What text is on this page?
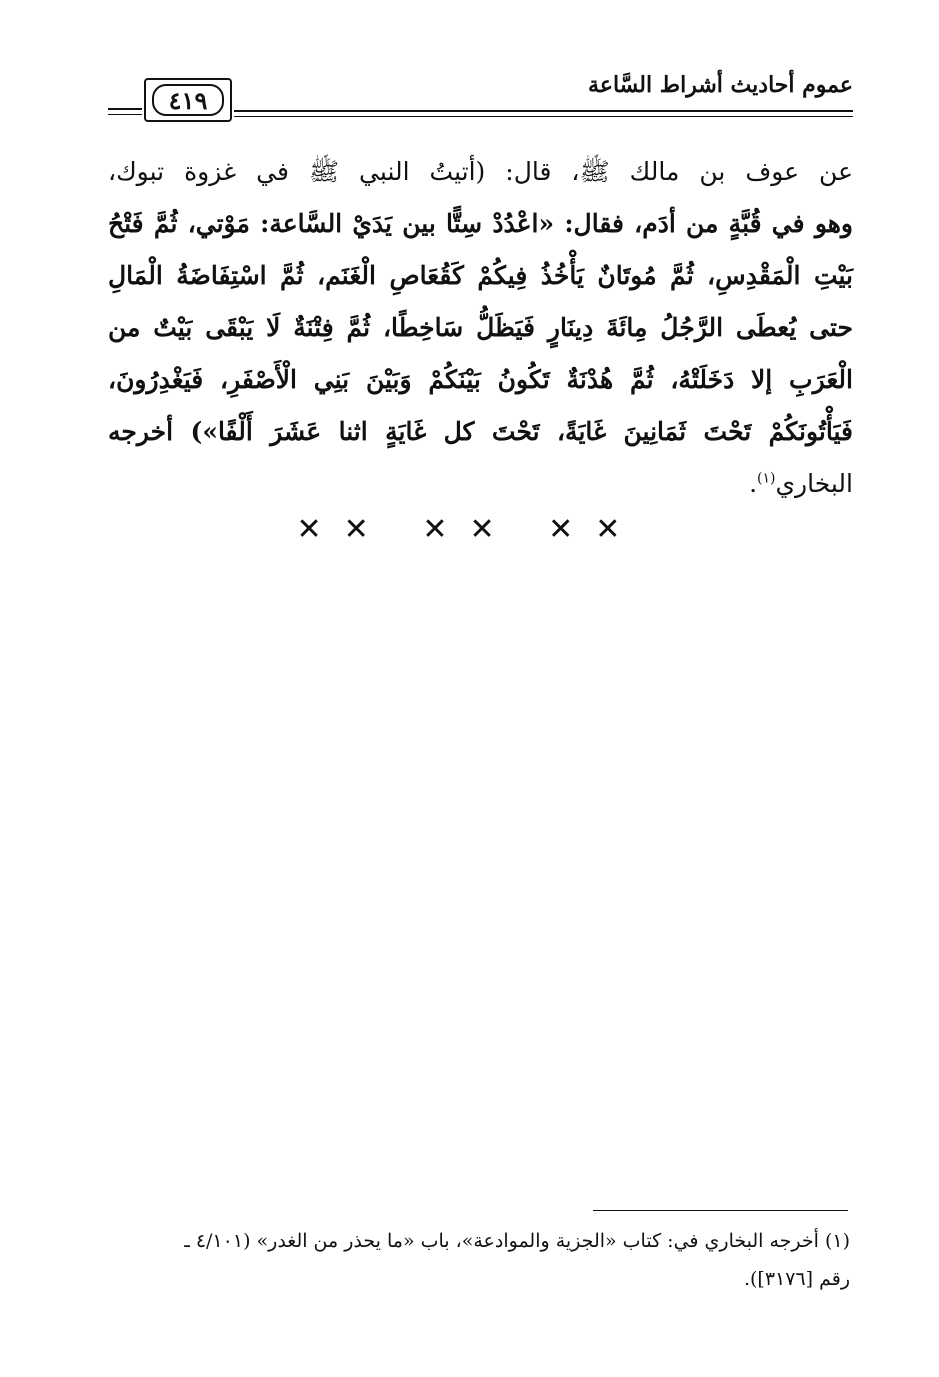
عموم أحاديث أشراط السَّاعة
٤١٩
عن عوف بن مالك ﷺ، قال: (أتيتُ النبي ﷺ في غزوة تبوك،
وهو في قُبَّةٍ من أدَم، فقال: «اعْدُدْ سِتًّا بين يَدَيْ السَّاعة: مَوْتي، ثُمَّ فَتْحُ
بَيْتِ الْمَقْدِسِ، ثُمَّ مُوتَانٌ يَأْخُذُ فِيكُمْ كَقُعَاصِ الْغَنَم، ثُمَّ اسْتِفَاضَةُ الْمَالِ
حتى يُعطَى الرَّجُلُ مِائَةَ دِينَارٍ فَيَظَلُّ سَاخِطًا، ثُمَّ فِتْنَةٌ لَا يَبْقَى بَيْتٌ من
الْعَرَبِ إلا دَخَلَتْهُ، ثُمَّ هُدْنَةٌ تَكُونُ بَيْنَكُمْ وَبَيْنَ بَنِي الْأَصْفَرِ، فَيَغْدِرُونَ،
فَيَأْتُونَكُمْ تَحْتَ ثَمَانِينَ غَايَةً، تَحْتَ كل غَايَةٍ اثنا عَشَرَ أَلْفًا») أخرجه
البخاري$^{(١)}$.
✕✕ ✕✕ ✕✕
(١) أخرجه البخاري في: كتاب «الجزية والموادعة»، باب «ما يحذر من الغدر» (٤/١٠١ ـ
رقم [٣١٧٦]).
